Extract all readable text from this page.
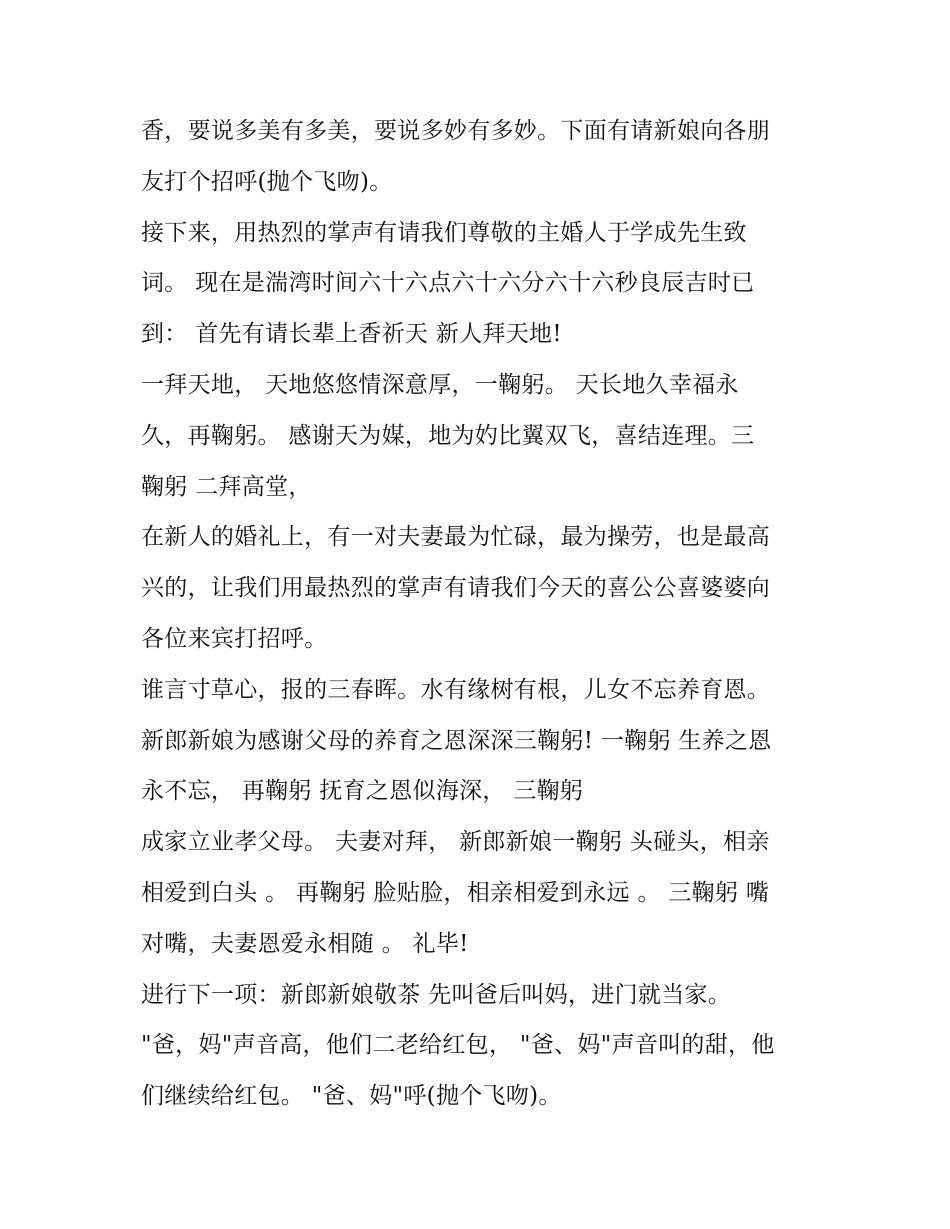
香，要说多美有多美，要说多妙有多妙。下面有请新娘向各朋
友打个招呼(抛个飞吻)。
接下来，用热烈的掌声有请我们尊敬的主婚人于学成先生致
词。 现在是湍湾时间六十六点六十六分六十六秒良辰吉时已
到： 首先有请长辈上香祈天 新人拜天地!
一拜天地， 天地悠悠情深意厚，一鞠躬。 天长地久幸福永
久，再鞠躬。 感谢天为媒，地为妁比翼双飞，喜结连理。三
鞠躬 二拜高堂，
在新人的婚礼上，有一对夫妻最为忙碌，最为操劳，也是最高
兴的，让我们用最热烈的掌声有请我们今天的喜公公喜婆婆向
各位来宾打招呼。
谁言寸草心，报的三春晖。水有缘树有根，儿女不忘养育恩。
新郎新娘为感谢父母的养育之恩深深三鞠躬! 一鞠躬 生养之恩
永不忘， 再鞠躬 抚育之恩似海深， 三鞠躬
成家立业孝父母。 夫妻对拜， 新郎新娘一鞠躬 头碰头，相亲
相爱到白头 。 再鞠躬 脸贴脸，相亲相爱到永远 。 三鞠躬 嘴
对嘴，夫妻恩爱永相随 。 礼毕!
进行下一项：新郎新娘敬茶 先叫爸后叫妈，进门就当家。
"爸，妈"声音高，他们二老给红包， "爸、妈"声音叫的甜，他
们继续给红包。 "爸、妈"呼(抛个飞吻)。
